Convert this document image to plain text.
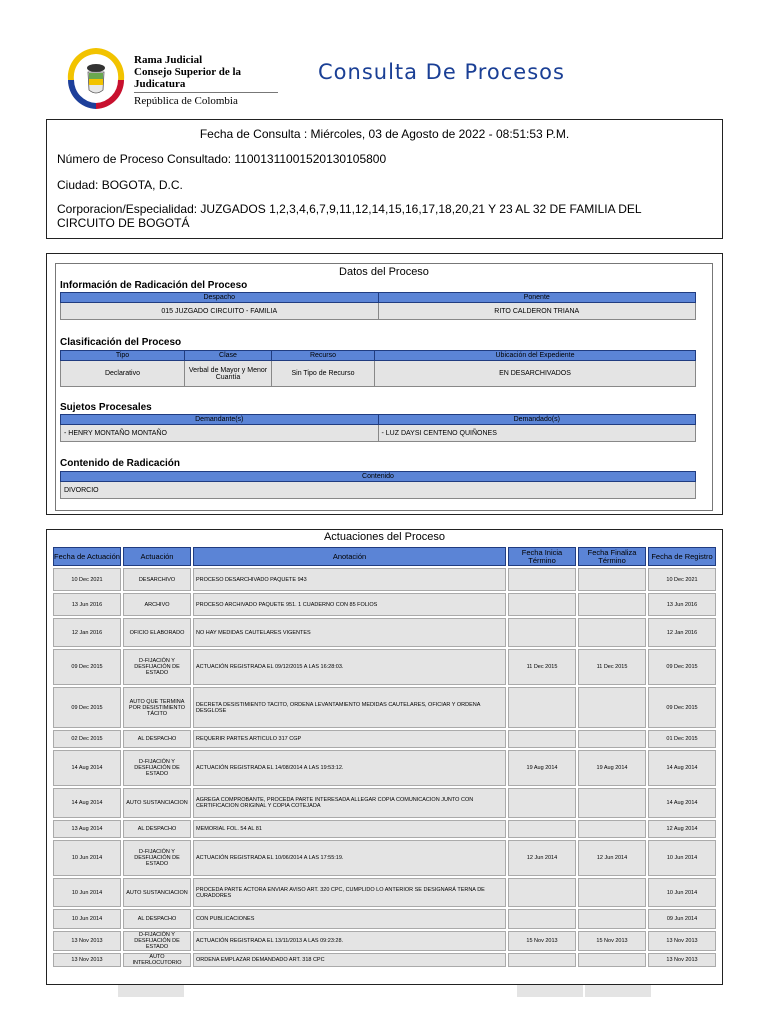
Rama Judicial
Consejo Superior de la Judicatura
República de Colombia
Consulta De Procesos
Fecha de Consulta : Miércoles, 03 de Agosto de 2022 - 08:51:53 P.M.
Número de Proceso Consultado: 11001311001520130105800
Ciudad: BOGOTA, D.C.
Corporacion/Especialidad: JUZGADOS 1,2,3,4,6,7,9,11,12,14,15,16,17,18,20,21 Y 23 AL 32 DE FAMILIA DEL
CIRCUITO DE BOGOTÁ
Datos del Proceso
Información de Radicación del Proceso
Despacho	Ponente
015 JUZGADO CIRCUITO - FAMILIA	RITO CALDERON TRIANA
Clasificación del Proceso
Tipo	Clase	Recurso	Ubicación del Expediente
Declarativo	Verbal de Mayor y Menor Cuantía	Sin Tipo de Recurso	EN DESARCHIVADOS
Sujetos Procesales
Demandante(s)	Demandado(s)
- HENRY MONTAÑO MONTAÑO	- LUZ DAYSI CENTENO QUIÑONES
Contenido de Radicación
Contenido
DIVORCIO
Actuaciones del Proceso
Fecha de Actuación	Actuación	Anotación	Fecha Inicia Término	Fecha Finaliza Término	Fecha de Registro
10 Dec 2021	DESARCHIVO	PROCESO DESARCHIVADO PAQUETE 943			10 Dec 2021
13 Jun 2016	ARCHIVO	PROCESO ARCHIVADO PAQUETE 951. 1 CUADERNO CON 85 FOLIOS			13 Jun 2016
12 Jan 2016	OFICIO ELABORADO	NO HAY MEDIDAS CAUTELARES VIGENTES			12 Jan 2016
09 Dec 2015	D-FIJACIÓN Y DESFIJACIÓN DE ESTADO	ACTUACIÓN REGISTRADA EL 09/12/2015 A LAS 16:28:03.	11 Dec 2015	11 Dec 2015	09 Dec 2015
09 Dec 2015	AUTO QUE TERMINA POR DESISTIMIENTO TÁCITO	DECRETA DESISTIMIENTO TACITO, ORDENA LEVANTAMIENTO MEDIDAS CAUTELARES, OFICIAR Y ORDENA DESGLOSE			09 Dec 2015
02 Dec 2015	AL DESPACHO	REQUERIR PARTES ARTICULO 317 CGP			01 Dec 2015
14 Aug 2014	D-FIJACIÓN Y DESFIJACIÓN DE ESTADO	ACTUACIÓN REGISTRADA EL 14/08/2014 A LAS 19:53:12.	19 Aug 2014	19 Aug 2014	14 Aug 2014
14 Aug 2014	AUTO SUSTANCIACION	AGREGA COMPROBANTE, PROCEDA PARTE INTERESADA ALLEGAR COPIA COMUNICACION JUNTO CON CERTIFICACION ORIGINAL Y COPIA COTEJADA			14 Aug 2014
13 Aug 2014	AL DESPACHO	MEMORIAL FOL. 54 AL 81			12 Aug 2014
10 Jun 2014	D-FIJACIÓN Y DESFIJACIÓN DE ESTADO	ACTUACIÓN REGISTRADA EL 10/06/2014 A LAS 17:55:19.	12 Jun 2014	12 Jun 2014	10 Jun 2014
10 Jun 2014	AUTO SUSTANCIACION	PROCEDA PARTE ACTORA ENVIAR AVISO ART. 320 CPC, CUMPLIDO LO ANTERIOR SE DESIGNARÁ TERNA DE CURADORES			10 Jun 2014
10 Jun 2014	AL DESPACHO	CON PUBLICACIONES			09 Jun 2014
13 Nov 2013	D-FIJACIÓN Y DESFIJACIÓN DE ESTADO	ACTUACIÓN REGISTRADA EL 13/11/2013 A LAS 09:23:28.	15 Nov 2013	15 Nov 2013	13 Nov 2013
13 Nov 2013	AUTO INTERLOCUTORIO	ORDENA EMPLAZAR DEMANDADO ART. 318 CPC			13 Nov 2013
